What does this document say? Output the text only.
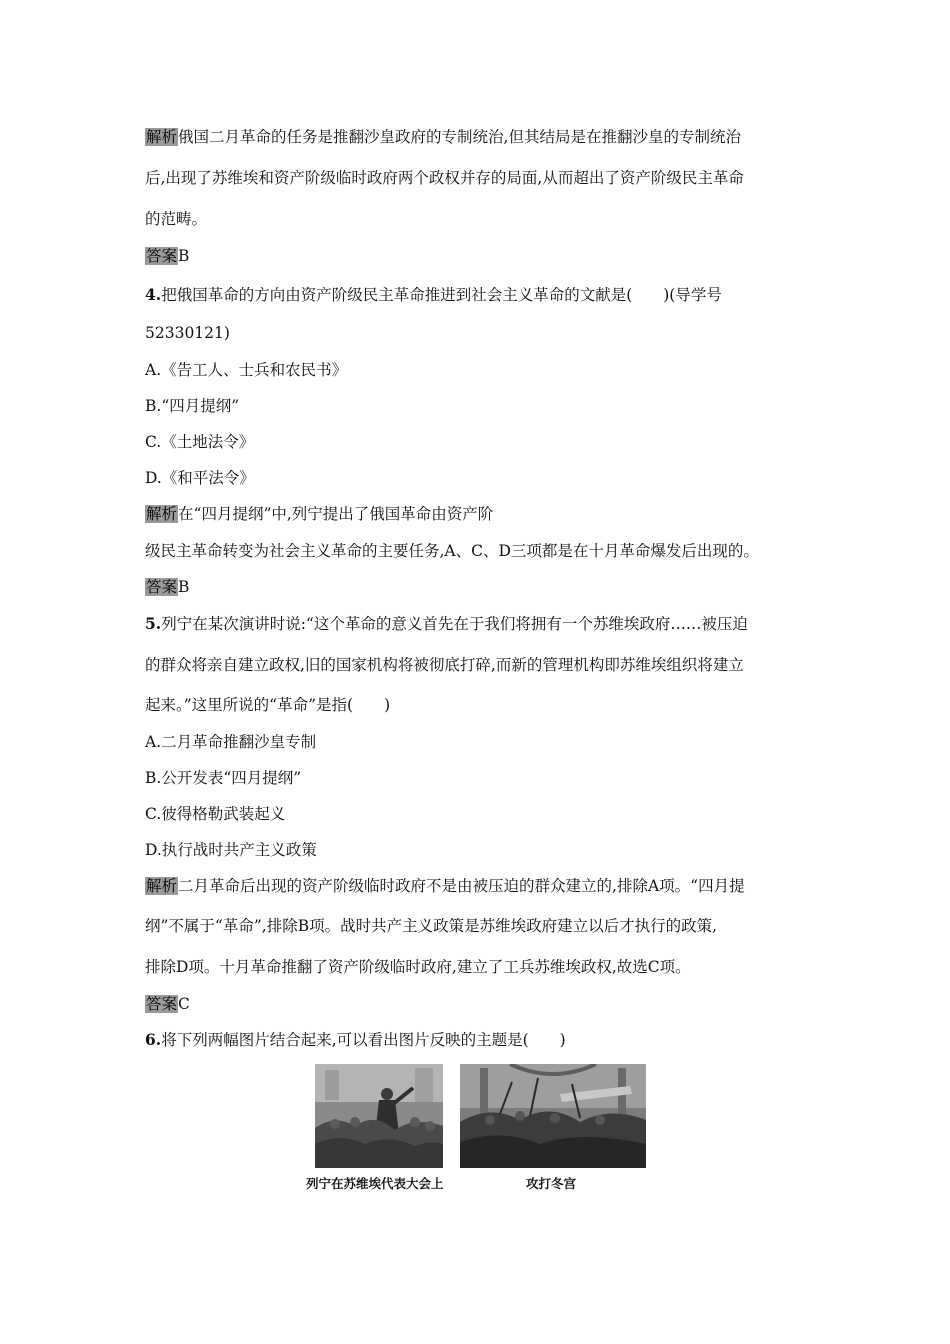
解析俄国二月革命的任务是推翻沙皇政府的专制统治,但其结局是在推翻沙皇的专制统治
后,出现了苏维埃和资产阶级临时政府两个政权并存的局面,从而超出了资产阶级民主革命
的范畴。
答案B
4.把俄国革命的方向由资产阶级民主革命推进到社会主义革命的文献是(　　)(导学号
52330121)
A.《告工人、士兵和农民书》
B.“四月提纲”
C.《土地法令》
D.《和平法令》
解析在“四月提纲”中,列宁提出了俄国革命由资产阶
级民主革命转变为社会主义革命的主要任务,A、C、D三项都是在十月革命爆发后出现的。
答案B
5.列宁在某次演讲时说:“这个革命的意义首先在于我们将拥有一个苏维埃政府……被压迫
的群众将亲自建立政权,旧的国家机构将被彻底打碎,而新的管理机构即苏维埃组织将建立
起来。”这里所说的“革命”是指(　　)
A.二月革命推翻沙皇专制
B.公开发表“四月提纲”
C.彼得格勒武装起义
D.执行战时共产主义政策
解析二月革命后出现的资产阶级临时政府不是由被压迫的群众建立的,排除A项。“四月提
纲”不属于“革命”,排除B项。战时共产主义政策是苏维埃政府建立以后才执行的政策,
排除D项。十月革命推翻了资产阶级临时政府,建立了工兵苏维埃政权,故选C项。
答案C
6.将下列两幅图片结合起来,可以看出图片反映的主题是(　　)
列宁在苏维埃代表大会上	攻打冬宫
